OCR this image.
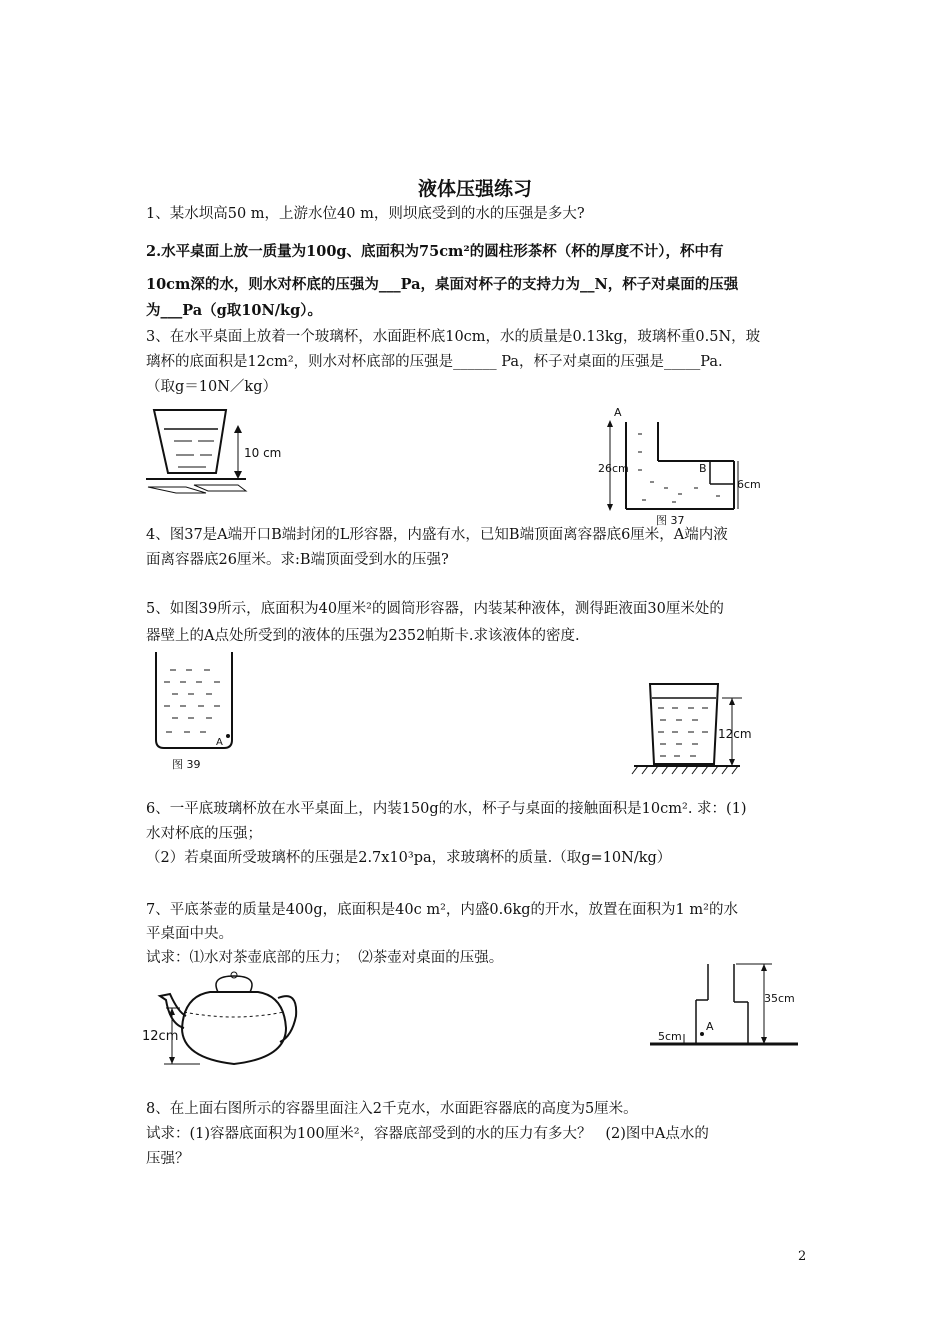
液体压强练习
1、某水坝高50 m，上游水位40 m，则坝底受到的水的压强是多大?
2.水平桌面上放一质量为100g、底面积为75cm²的圆柱形茶杯（杯的厚度不计），杯中有
10cm深的水，则水对杯底的压强为___Pa，桌面对杯子的支持力为__N，杯子对桌面的压强
为___Pa（g取10N/kg）。
3、在水平桌面上放着一个玻璃杯，水面距杯底10cm，水的质量是0.13kg，玻璃杯重0.5N，玻
璃杯的底面积是12cm²，则水对杯底部的压强是______ Pa，杯子对桌面的压强是_____Pa.
（取g＝10N／kg）
10 cm
A
26cm	B
6cm
图 37
4、图37是A端开口B端封闭的L形容器，内盛有水，已知B端顶面离容器底6厘米，A端内液
面离容器底26厘米。求:B端顶面受到水的压强?
5、如图39所示，底面积为40厘米²的圆筒形容器，内装某种液体，测得距液面30厘米处的
器壁上的A点处所受到的液体的压强为2352帕斯卡.求该液体的密度.
A
图 39
12cm
6、一平底玻璃杯放在水平桌面上，内装150g的水，杯子与桌面的接触面积是10cm². 求：(1)
水对杯底的压强；
（2）若桌面所受玻璃杯的压强是2.7x10³pa，求玻璃杯的质量.（取g=10N/kg）
7、平底茶壶的质量是400g，底面积是40c m²，内盛0.6kg的开水，放置在面积为1 m²的水
平桌面中央。
试求：⑴水对茶壶底部的压力；  ⑵茶壶对桌面的压强。
12cm
35cm
A
5cm
8、在上面右图所示的容器里面注入2千克水，水面距容器底的高度为5厘米。
试求：(1)容器底面积为100厘米²，容器底部受到的水的压力有多大？   (2)图中A点水的
压强？
2
